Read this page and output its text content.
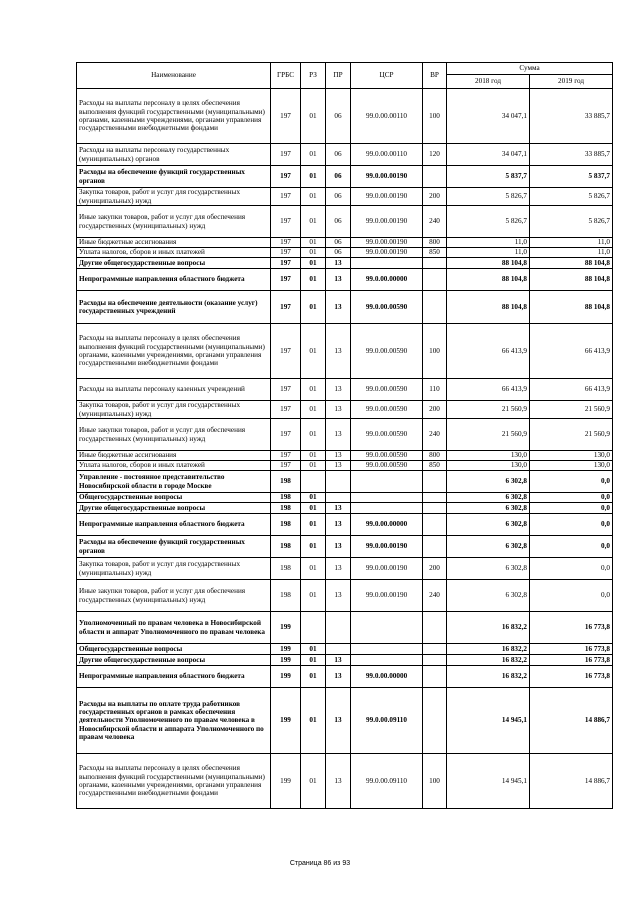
Наименование	ГРБС	РЗ	ПР	ЦСР	ВР	Сумма	
						2018 год	2019 год
Расходы на выплаты персоналу в целях обеспечения выполнения функций государственными (муниципальными) органами, казенными учреждениями, органами управления государственными внебюджетными фондами	197	01	06	99.0.00.00110	100	34 047,1	33 885,7
Расходы на выплаты персоналу государственных (муниципальных) органов	197	01	06	99.0.00.00110	120	34 047,1	33 885,7
Расходы на обеспечение функций государственных органов	197	01	06	99.0.00.00190		5 837,7	5 837,7
Закупка товаров, работ и услуг для государственных (муниципальных) нужд	197	01	06	99.0.00.00190	200	5 826,7	5 826,7
Иные закупки товаров, работ и услуг для обеспечения государственных (муниципальных) нужд	197	01	06	99.0.00.00190	240	5 826,7	5 826,7
Иные бюджетные ассигнования	197	01	06	99.0.00.00190	800	11,0	11,0
Уплата налогов, сборов и иных платежей	197	01	06	99.0.00.00190	850	11,0	11,0
Другие общегосударственные вопросы	197	01	13			88 104,8	88 104,8
Непрограммные направления областного бюджета	197	01	13	99.0.00.00000		88 104,8	88 104,8
Расходы на обеспечение деятельности (оказание услуг) государственных учреждений	197	01	13	99.0.00.00590		88 104,8	88 104,8
Расходы на выплаты персоналу в целях обеспечения выполнения функций государственными (муниципальными) органами, казенными учреждениями, органами управления государственными внебюджетными фондами	197	01	13	99.0.00.00590	100	66 413,9	66 413,9
Расходы на выплаты персоналу казенных учреждений	197	01	13	99.0.00.00590	110	66 413,9	66 413,9
Закупка товаров, работ и услуг для государственных (муниципальных) нужд	197	01	13	99.0.00.00590	200	21 560,9	21 560,9
Иные закупки товаров, работ и услуг для обеспечения государственных (муниципальных) нужд	197	01	13	99.0.00.00590	240	21 560,9	21 560,9
Иные бюджетные ассигнования	197	01	13	99.0.00.00590	800	130,0	130,0
Уплата налогов, сборов и иных платежей	197	01	13	99.0.00.00590	850	130,0	130,0
Управление - постоянное представительство Новосибирской области в городе Москве	198					6 302,8	0,0
Общегосударственные вопросы	198	01				6 302,8	0,0
Другие общегосударственные вопросы	198	01	13			6 302,8	0,0
Непрограммные направления областного бюджета	198	01	13	99.0.00.00000		6 302,8	0,0
Расходы на обеспечение функций государственных органов	198	01	13	99.0.00.00190		6 302,8	0,0
Закупка товаров, работ и услуг для государственных (муниципальных) нужд	198	01	13	99.0.00.00190	200	6 302,8	0,0
Иные закупки товаров, работ и услуг для обеспечения государственных (муниципальных) нужд	198	01	13	99.0.00.00190	240	6 302,8	0,0
Уполномоченный по правам человека в Новосибирской области и аппарат Уполномоченного по правам человека	199					16 832,2	16 773,8
Общегосударственные вопросы	199	01				16 832,2	16 773,8
Другие общегосударственные вопросы	199	01	13			16 832,2	16 773,8
Непрограммные направления областного бюджета	199	01	13	99.0.00.00000		16 832,2	16 773,8
Расходы на выплаты по оплате труда работников государственных органов в рамках обеспечения деятельности Уполномоченного по правам человека в Новосибирской области и аппарата Уполномоченного по правам человека	199	01	13	99.0.00.09110		14 945,1	14 886,7
Расходы на выплаты персоналу в целях обеспечения выполнения функций государственными (муниципальными) органами, казенными учреждениями, органами управления государственными внебюджетными фондами	199	01	13	99.0.00.09110	100	14 945,1	14 886,7
Страница 86 из 93
